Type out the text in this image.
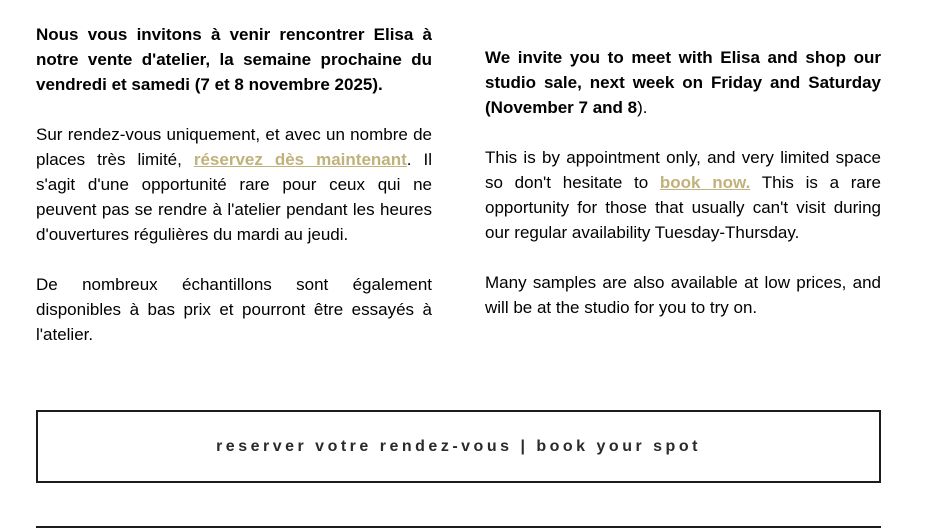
Nous vous invitons à venir rencontrer Elisa à notre vente d'atelier, la semaine prochaine du vendredi et samedi (7 et 8 novembre 2025).

Sur rendez-vous uniquement, et avec un nombre de places très limité, réservez dès maintenant. Il s'agit d'une opportunité rare pour ceux qui ne peuvent pas se rendre à l'atelier pendant les heures d'ouvertures régulières du mardi au jeudi.

De nombreux échantillons sont également disponibles à bas prix et pourront être essayés à l'atelier.

We invite you to meet with Elisa and shop our studio sale, next week on Friday and Saturday (November 7 and 8).

This is by appointment only, and very limited space so don't hesitate to book now. This is a rare opportunity for those that usually can't visit during our regular availability Tuesday-Thursday.

Many samples are also available at low prices, and will be at the studio for you to try on.

reserver votre rendez-vous | book your spot
